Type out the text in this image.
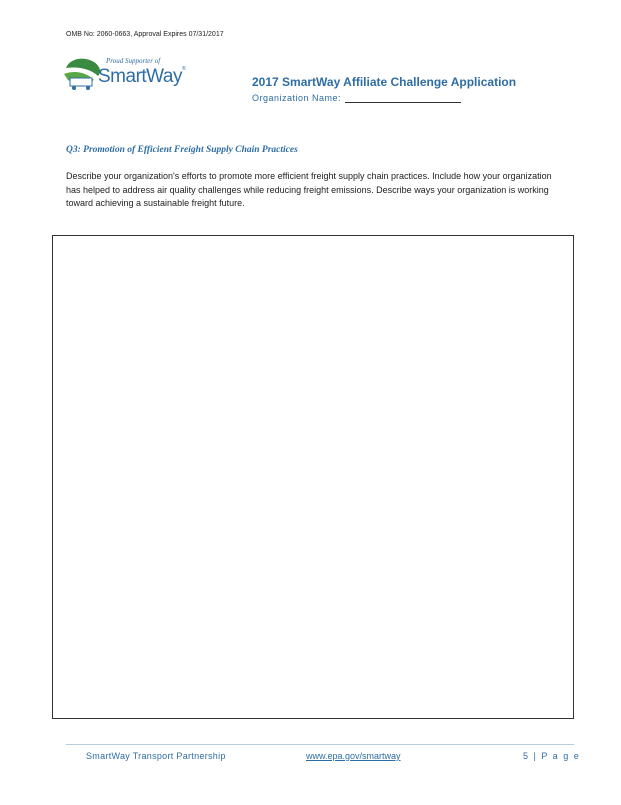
OMB No: 2060-0663, Approval Expires 07/31/2017
Proud Supporter of
SmartWay®
2017 SmartWay Affiliate Challenge Application
Organization Name:
Q3: Promotion of Efficient Freight Supply Chain Practices
Describe your organization's efforts to promote more efficient freight supply chain practices. Include how your organization has helped to address air quality challenges while reducing freight emissions. Describe ways your organization is working toward achieving a sustainable freight future.
SmartWay Transport Partnership	www.epa.gov/smartway	5 | P a g e
